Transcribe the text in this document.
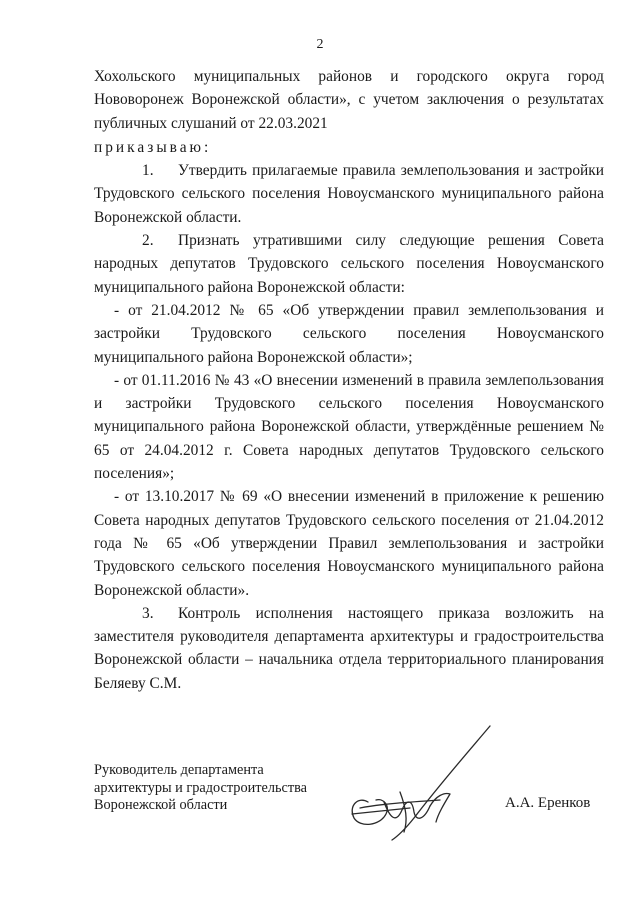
2

Хохольского муниципальных районов и городского округа город Нововоронеж Воронежской области», с учетом заключения о результатах публичных слушаний от 22.03.2021

приказываю:

1. Утвердить прилагаемые правила землепользования и застройки Трудовского сельского поселения Новоусманского муниципального района Воронежской области.

2. Признать утратившими силу следующие решения Совета народных депутатов Трудовского сельского поселения Новоусманского муниципального района Воронежской области:

- от 21.04.2012 № 65 «Об утверждении правил землепользования и застройки Трудовского сельского поселения Новоусманского муниципального района Воронежской области»;

- от 01.11.2016 № 43 «О внесении изменений в правила землепользования и застройки Трудовского сельского поселения Новоусманского муниципального района Воронежской области, утверждённые решением № 65 от 24.04.2012 г. Совета народных депутатов Трудовского сельского поселения»;

- от 13.10.2017 № 69 «О внесении изменений в приложение к решению Совета народных депутатов Трудовского сельского поселения от 21.04.2012 года № 65 «Об утверждении Правил землепользования и застройки Трудовского сельского поселения Новоусманского муниципального района Воронежской области».

3. Контроль исполнения настоящего приказа возложить на заместителя руководителя департамента архитектуры и градостроительства Воронежской области – начальника отдела территориального планирования Беляеву С.М.

Руководитель департамента
архитектуры и градостроительства
Воронежской области	А.А. Еренков
